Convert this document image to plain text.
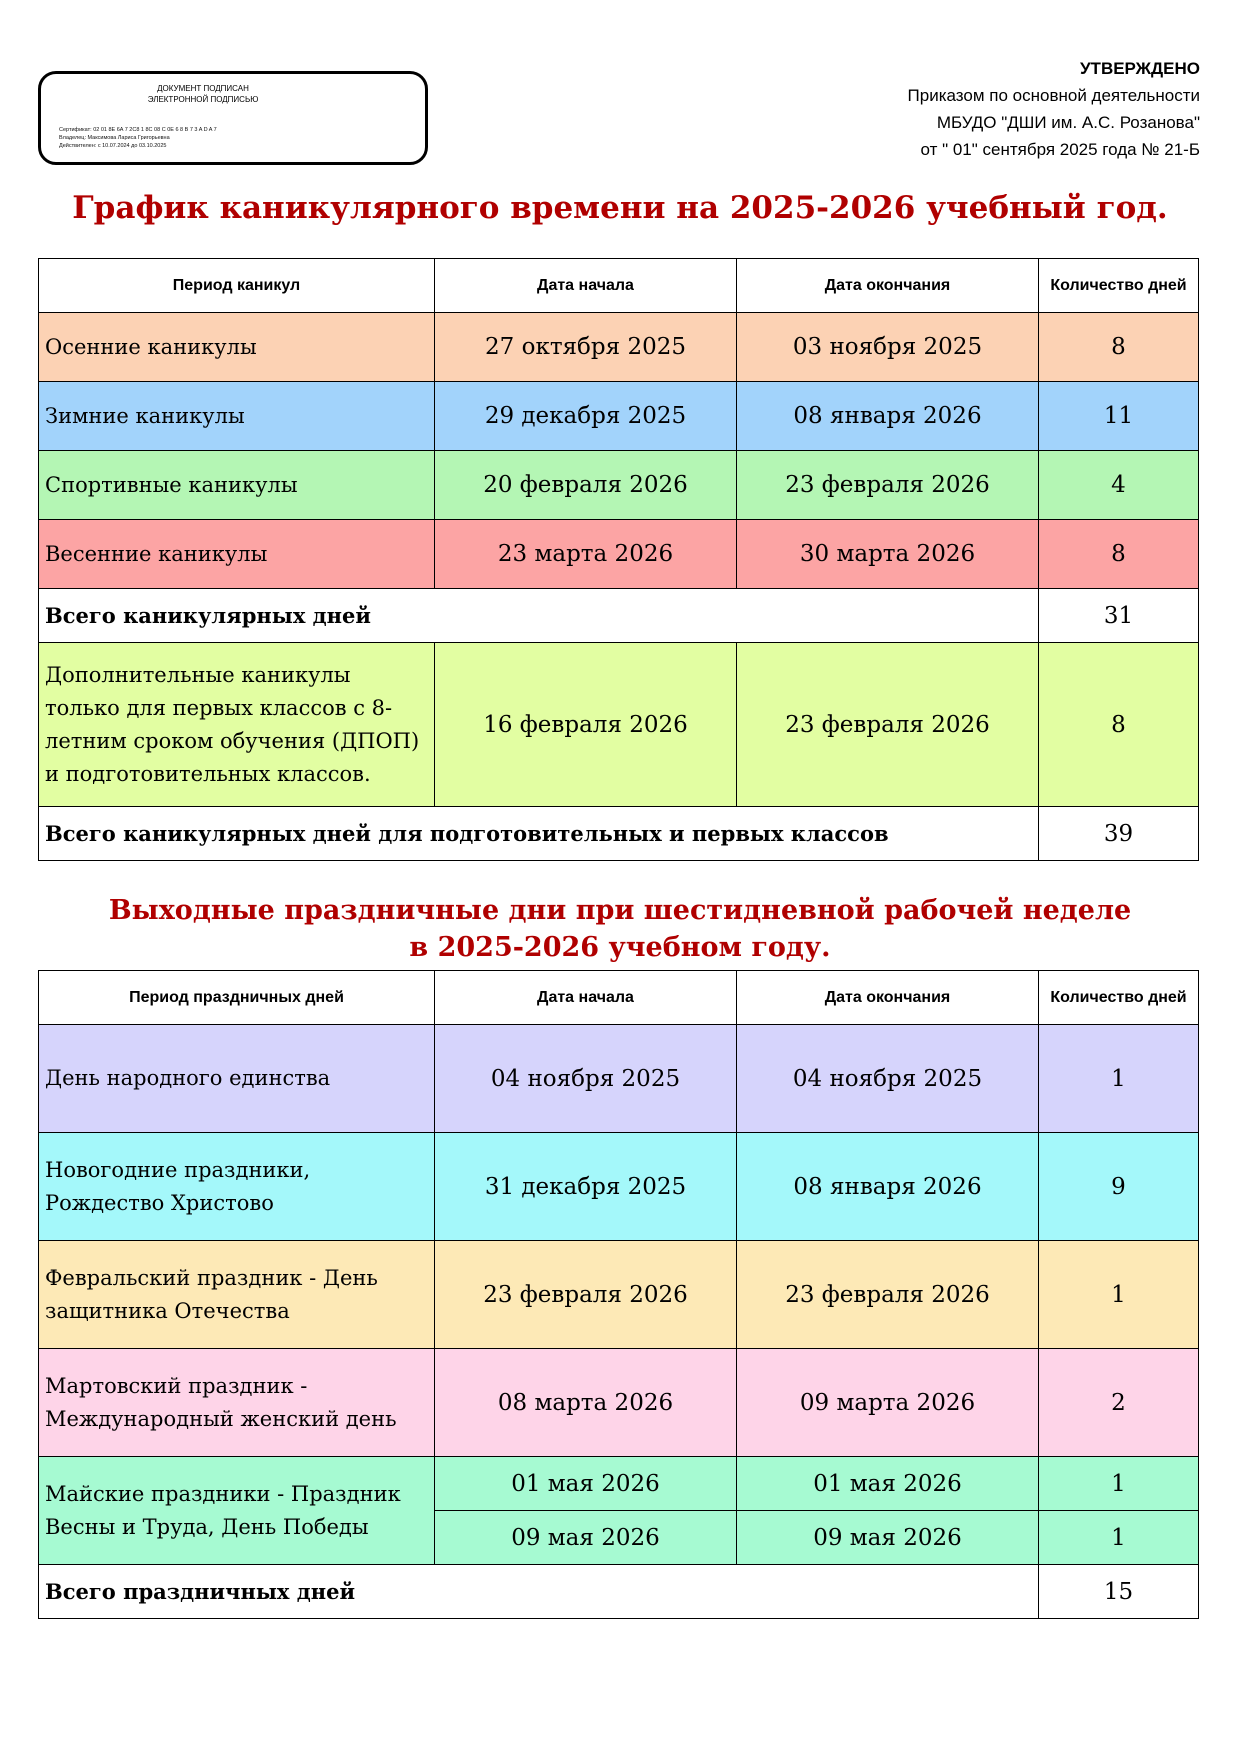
ДОКУМЕНТ ПОДПИСАН
ЭЛЕКТРОННОЙ ПОДПИСЬЮ
Сертификат: 02 01 8E 6A 7 2C8 1 8C 08 C 0E 6 8 B 7 3 A D A 7
Владелец: Максимова Лариса Григорьевна
Действителен: с 10.07.2024 до 03.10.2025
УТВЕРЖДЕНО
Приказом по основной деятельности
МБУДО "ДШИ им. А.С. Розанова"
от " 01" сентября 2025 года № 21-Б
График каникулярного времени на 2025-2026 учебный год.
Период каникул	Дата начала	Дата окончания	Количество дней
Осенние каникулы	27 октября 2025	03 ноября 2025	8
Зимние каникулы	29 декабря 2025	08 января 2026	11
Спортивные каникулы	20 февраля 2026	23 февраля 2026	4
Весенние каникулы	23 марта 2026	30 марта 2026	8
Всего каникулярных дней			31
Дополнительные каникулы только для первых классов с 8-летним сроком обучения (ДПОП) и подготовительных классов.	16 февраля 2026	23 февраля 2026	8
Всего каникулярных дней для подготовительных и первых классов			39
Выходные праздничные дни при шестидневной рабочей неделе
в 2025-2026 учебном году.
Период праздничных дней	Дата начала	Дата окончания	Количество дней
День народного единства	04 ноября 2025	04 ноября 2025	1
Новогодние праздники, Рождество Христово	31 декабря 2025	08 января 2026	9
Февральский праздник - День защитника Отечества	23 февраля 2026	23 февраля 2026	1
Мартовский праздник - Международный женский день	08 марта 2026	09 марта 2026	2
Майские праздники - Праздник Весны и Труда, День Победы	01 мая 2026	01 мая 2026	1
	09 мая 2026	09 мая 2026	1
Всего праздничных дней			15
